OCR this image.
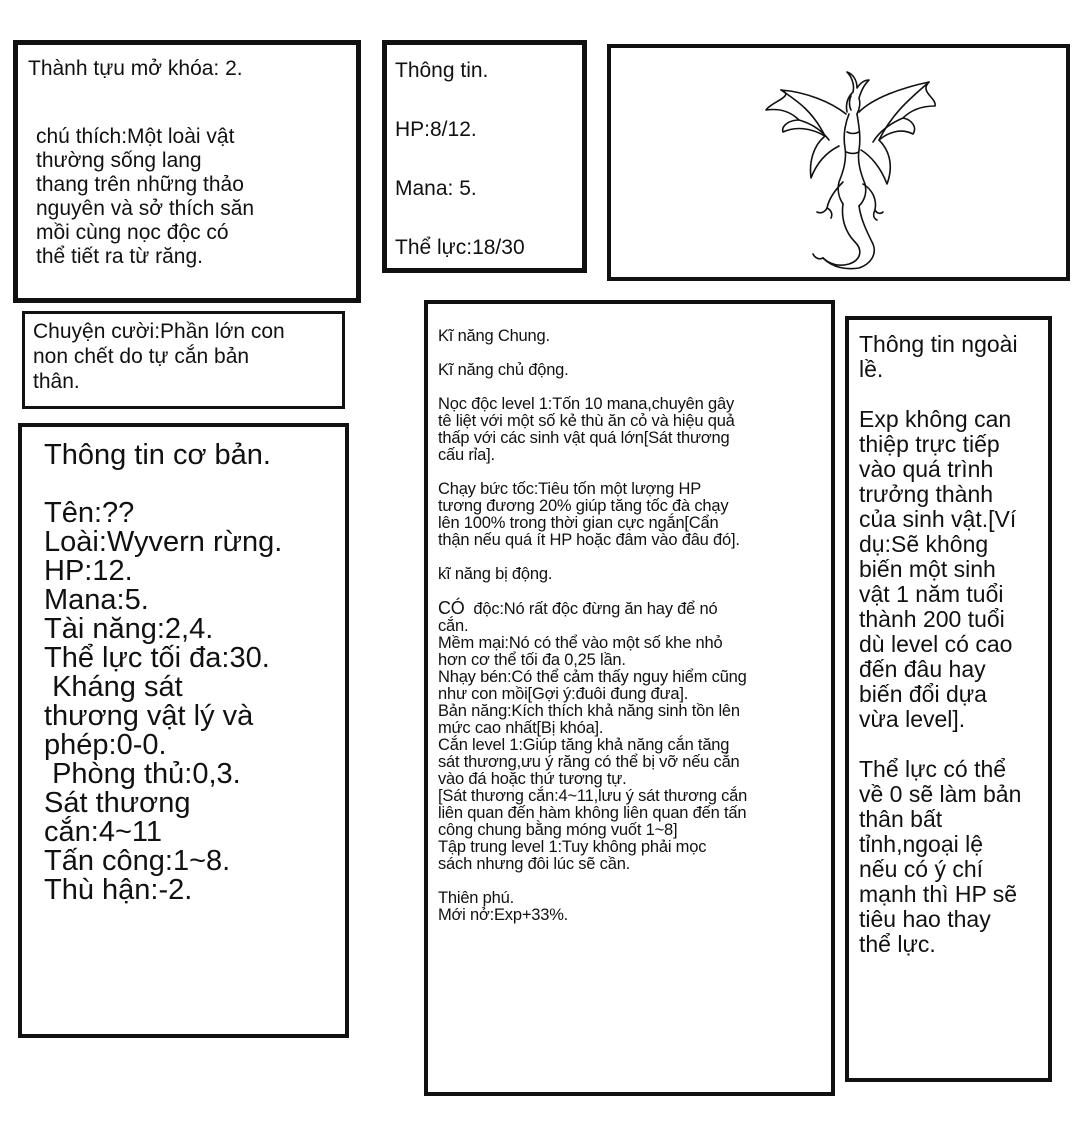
Thành tựu mở khóa: 2.
chú thích:Một loài vật
thường sống lang
thang trên những thảo
nguyên và sở thích săn
mồi cùng nọc độc có
thể tiết ra từ răng.
Chuyện cười:Phần lớn con
non chết do tự cắn bản
thân.
Thông tin cơ bản.
Tên:??
Loài:Wyvern rừng.
HP:12.
Mana:5.
Tài năng:2,4.
Thể lực tối đa:30.
Kháng sát
thương vật lý và
phép:0-0.
Phòng thủ:0,3.
Sát thương
cắn:4~11
Tấn công:1~8.
Thù hận:-2.
Thông tin.
HP:8/12.
Mana: 5.
Thể lực:18/30
Kĩ năng Chung.
Kĩ năng chủ động.
Nọc độc level 1:Tốn 10 mana,chuyên gây
tê liệt với một số kẻ thù ăn cỏ và hiệu quả
thấp với các sinh vật quá lớn[Sát thương
cấu rỉa].
Chạy bức tốc:Tiêu tốn một lượng HP
tương đương 20% giúp tăng tốc đà chạy
lên 100% trong thời gian cực ngắn[Cẩn
thận nếu quá ít HP hoặc đâm vào đâu đó].
kĩ năng bị động.
CÓ  độc:Nó rất độc đừng ăn hay để nó
cắn.
Mềm mại:Nó có thể vào một số khe nhỏ
hơn cơ thể tối đa 0,25 lần.
Nhạy bén:Có thể cảm thấy nguy hiểm cũng
như con mồi[Gợi ý:đuôi đung đưa].
Bản năng:Kích thích khả năng sinh tồn lên
mức cao nhất[Bị khóa].
Cắn level 1:Giúp tăng khả năng cắn tăng
sát thương,ưu ý răng có thể bị vỡ nếu cắn
vào đá hoặc thứ tương tự.
[Sát thương cắn:4~11,lưu ý sát thương cắn
liên quan đến hàm không liên quan đến tấn
công chung bằng móng vuốt 1~8]
Tập trung level 1:Tuy không phải mọc
sách nhưng đôi lúc sẽ cần.
Thiên phú.
Mới nở:Exp+33%.
Thông tin ngoài
lề.
Exp không can
thiệp trực tiếp
vào quá trình
trưởng thành
của sinh vật.[Ví
dụ:Sẽ không
biến một sinh
vật 1 năm tuổi
thành 200 tuổi
dù level có cao
đến đâu hay
biến đổi dựa
vừa level].
Thể lực có thể
về 0 sẽ làm bản
thân bất
tỉnh,ngoại lệ
nếu có ý chí
mạnh thì HP sẽ
tiêu hao thay
thể lực.
